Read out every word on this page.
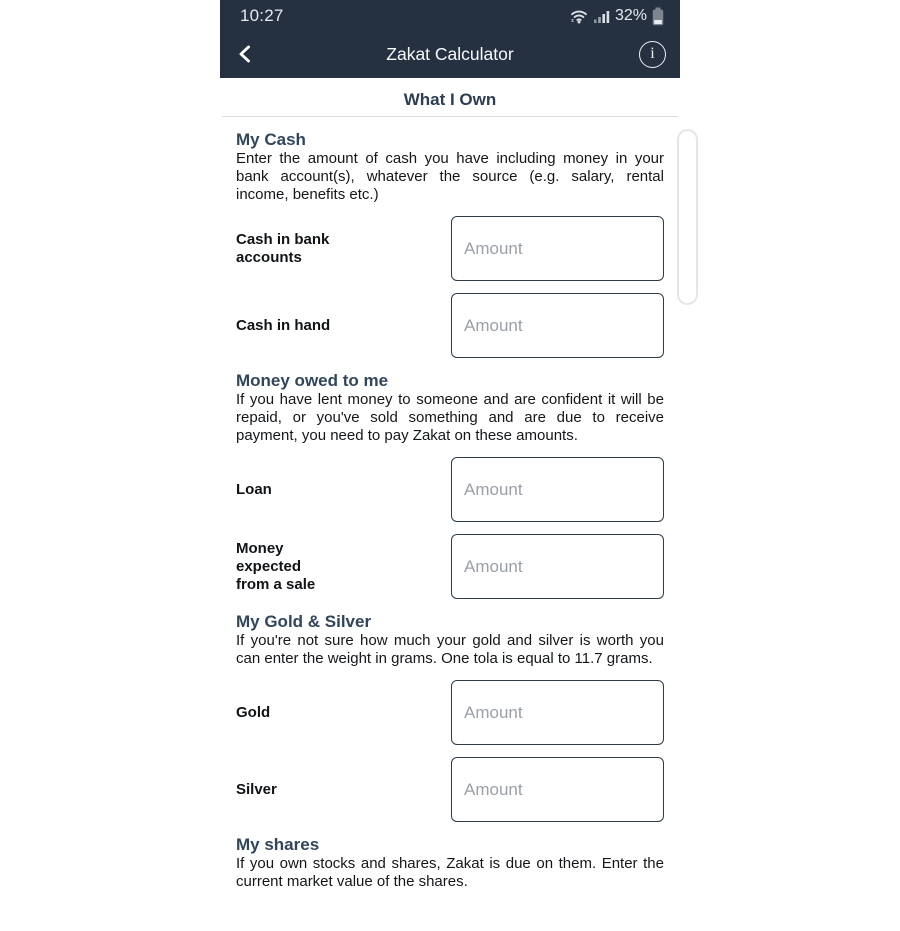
10:27	32%
Zakat Calculator	i
What I Own
My Cash

Enter the amount of cash you have including money in your bank account(s), whatever the source (e.g. salary, rental income, benefits etc.)

Cash in bank accounts
Amount
Cash in hand
Amount
Money owed to me

If you have lent money to someone and are confident it will be repaid, or you've sold something and are due to receive payment, you need to pay Zakat on these amounts.

Loan
Amount
Money expected from a sale
Amount
My Gold & Silver

If you're not sure how much your gold and silver is worth you can enter the weight in grams. One tola is equal to 11.7 grams.

Gold
Amount
Silver
Amount
My shares

If you own stocks and shares, Zakat is due on them. Enter the current market value of the shares.
